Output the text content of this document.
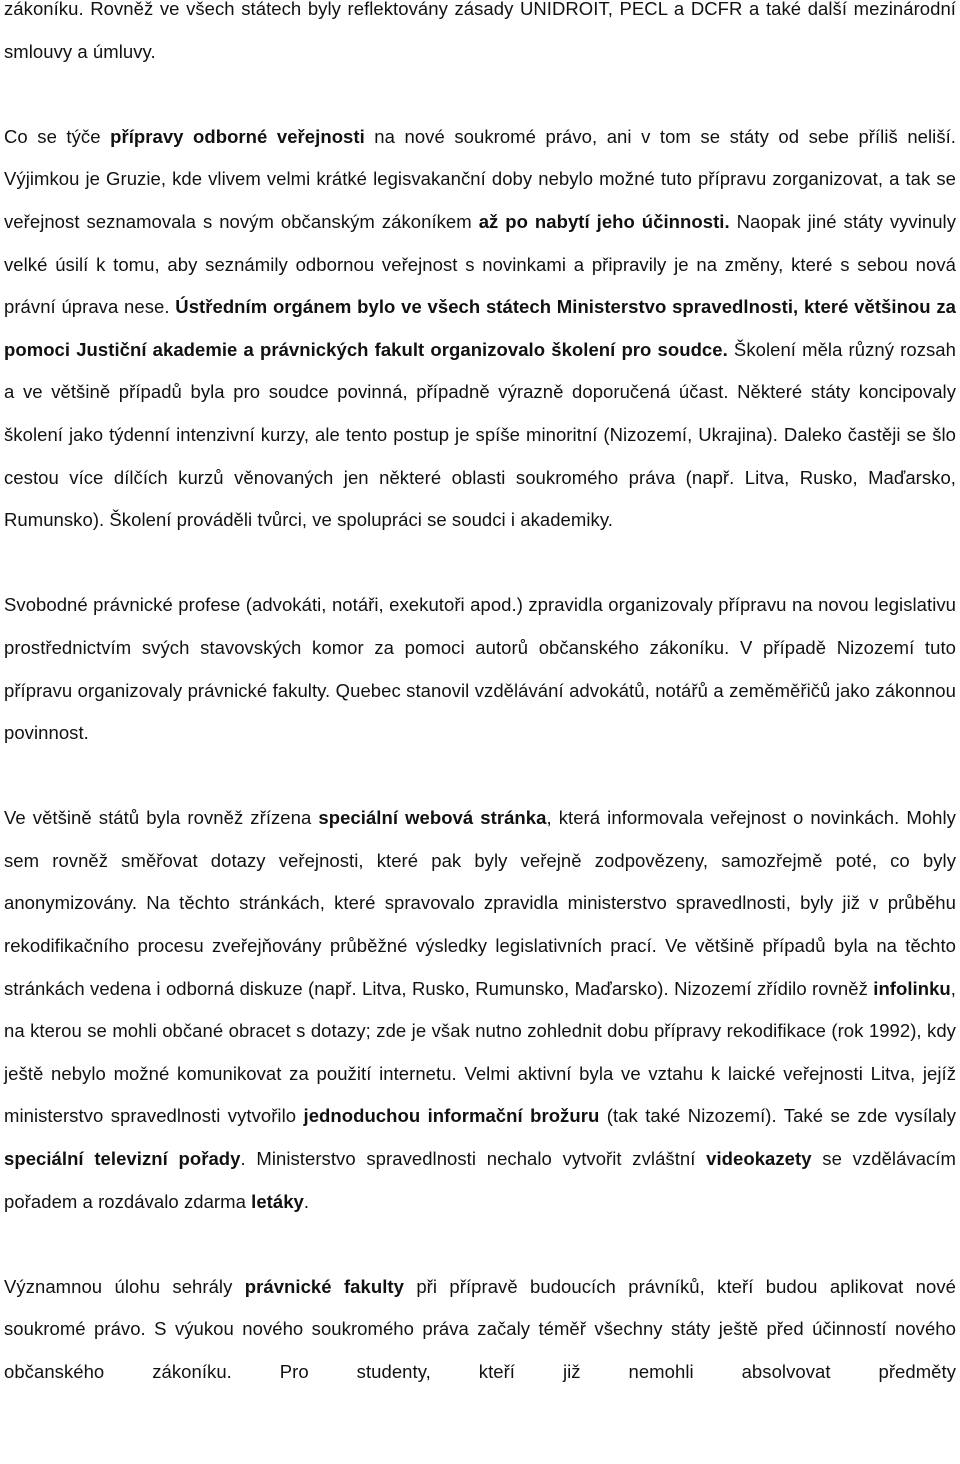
zákoníku. Rovněž ve všech státech byly reflektovány zásady UNIDROIT, PECL a DCFR a také další mezinárodní smlouvy a úmluvy.

Co se týče přípravy odborné veřejnosti na nové soukromé právo, ani v tom se státy od sebe příliš neliší. Výjimkou je Gruzie, kde vlivem velmi krátké legisvakanční doby nebylo možné tuto přípravu zorganizovat, a tak se veřejnost seznamovala s novým občanským zákoníkem až po nabytí jeho účinnosti. Naopak jiné státy vyvinuly velké úsilí k tomu, aby seznámily odbornou veřejnost s novinkami a připravily je na změny, které s sebou nová právní úprava nese. Ústředním orgánem bylo ve všech státech Ministerstvo spravedlnosti, které většinou za pomoci Justiční akademie a právnických fakult organizovalo školení pro soudce. Školení měla různý rozsah a ve většině případů byla pro soudce povinná, případně výrazně doporučená účast. Některé státy koncipovaly školení jako týdenní intenzivní kurzy, ale tento postup je spíše minoritní (Nizozemí, Ukrajina). Daleko častěji se šlo cestou více dílčích kurzů věnovaných jen některé oblasti soukromého práva (např. Litva, Rusko, Maďarsko, Rumunsko). Školení prováděli tvůrci, ve spolupráci se soudci i akademiky.

Svobodné právnické profese (advokáti, notáři, exekutoři apod.) zpravidla organizovaly přípravu na novou legislativu prostřednictvím svých stavovských komor za pomoci autorů občanského zákoníku. V případě Nizozemí tuto přípravu organizovaly právnické fakulty. Quebec stanovil vzdělávání advokátů, notářů a zeměměřičů jako zákonnou povinnost.

Ve většině států byla rovněž zřízena speciální webová stránka, která informovala veřejnost o novinkách. Mohly sem rovněž směřovat dotazy veřejnosti, které pak byly veřejně zodpovězeny, samozřejmě poté, co byly anonymizovány. Na těchto stránkách, které spravovalo zpravidla ministerstvo spravedlnosti, byly již v průběhu rekodifikačního procesu zveřejňovány průběžné výsledky legislativních prací. Ve většině případů byla na těchto stránkách vedena i odborná diskuze (např. Litva, Rusko, Rumunsko, Maďarsko). Nizozemí zřídilo rovněž infolinku, na kterou se mohli občané obracet s dotazy; zde je však nutno zohlednit dobu přípravy rekodifikace (rok 1992), kdy ještě nebylo možné komunikovat za použití internetu. Velmi aktivní byla ve vztahu k laické veřejnosti Litva, jejíž ministerstvo spravedlnosti vytvořilo jednoduchou informační brožuru (tak také Nizozemí). Také se zde vysílaly speciální televizní pořady. Ministerstvo spravedlnosti nechalo vytvořit zvláštní videokazety se vzdělávacím pořadem a rozdávalo zdarma letáky.

Významnou úlohu sehrály právnické fakulty při přípravě budoucích právníků, kteří budou aplikovat nové soukromé právo. S výukou nového soukromého práva začaly téměř všechny státy ještě před účinností nového občanského zákoníku. Pro studenty, kteří již nemohli absolvovat předměty
